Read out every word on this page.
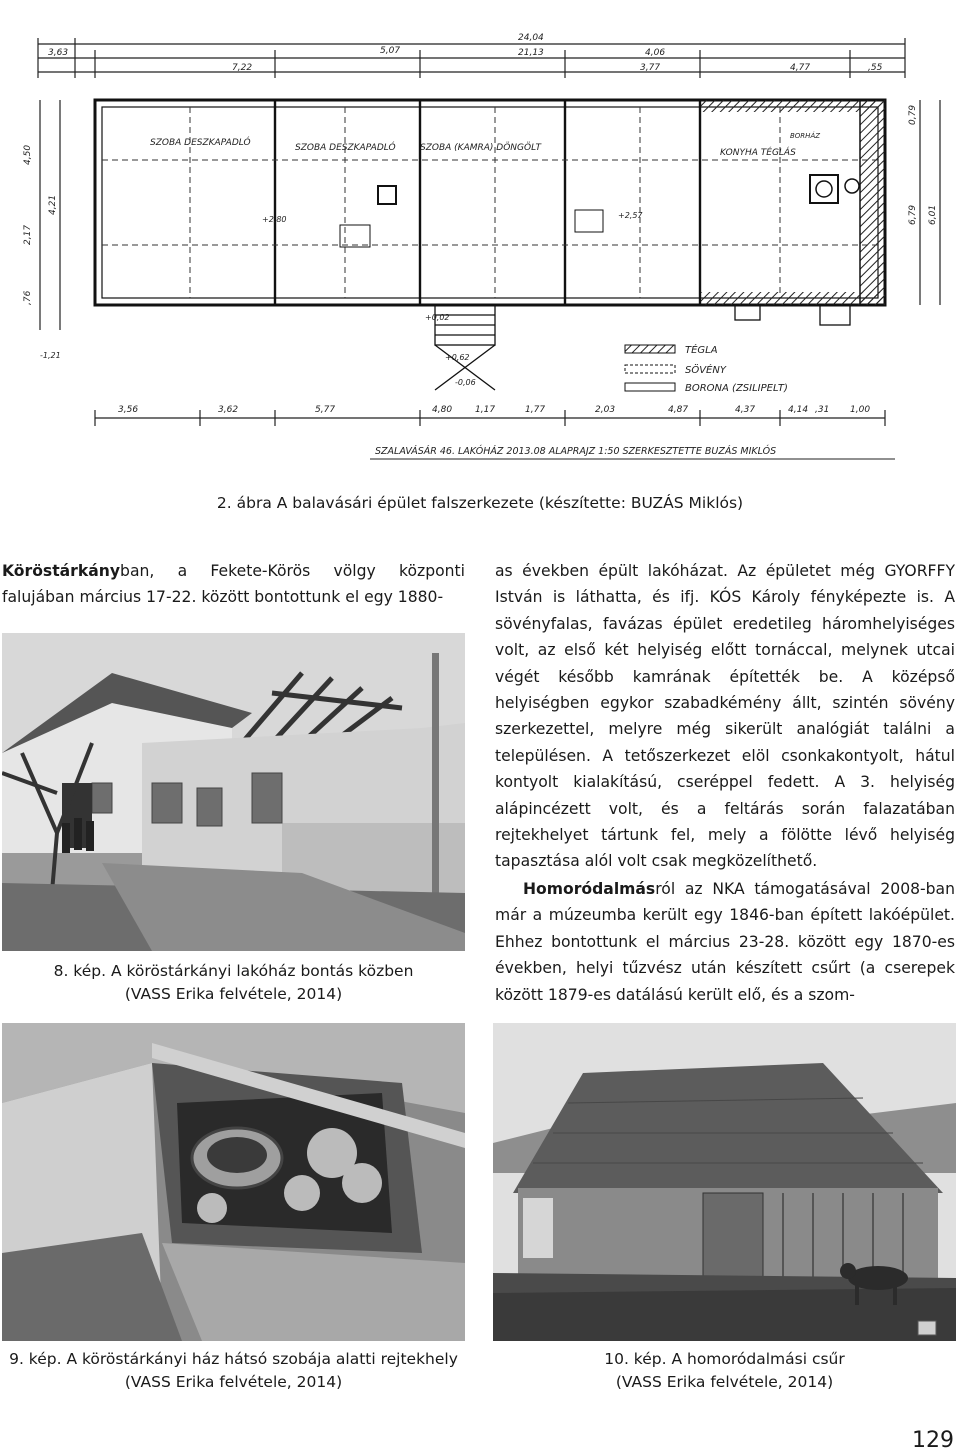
SZOBA DESZKAPADLÓ	SZOBA DESZKAPADLÓ	SZOBA (KAMRA) DÖNGÖLT	KONYHA TÉGLÁS
BORHÁZ
3,63	5,07
7,22
24,04
21,13	4,06
3,77	4,77	,55
3,56	3,62	5,77	4,80	1,17	1,77	2,03	4,87	4,37	4,14 ,31 1,00
4,50
2,17
4,21
,76
0,79
6,79 6,01
+2,80	+2,57
-1,21
+0,02
+0,62
-0,06
TÉGLA
SÖVÉNY
BORONA (ZSILIPELT)
SZALAVÁSÁR 46. LAKÓHÁZ 2013.08 ALAPRAJZ 1:50 SZERKESZTETTE BUZÁS MIKLÓS
2. ábra A balavásári épület falszerkezete (készítette: BUZÁS Miklós)
Köröstárkányban, a Fekete-Körös völgy központi falujában március 17-22. között bontottunk el egy 1880-
8. kép. A köröstárkányi lakóház bontás közben
(VASS Erika felvétele, 2014)
as években épült lakóházat. Az épületet még GYORFFY István is láthatta, és ifj. KÓS Károly fényképezte is. A sövényfalas, favázas épület eredetileg háromhelyiséges volt, az első két helyiség előtt tornáccal, melynek utcai végét később kamrának építették be. A középső helyiségben egykor szabadkémény állt, szintén sövény szerkezettel, melyre még sikerült analógiát találni a településen. A tetőszerkezet elöl csonkakontyolt, hátul kontyolt kialakítású, cseréppel fedett. A 3. helyiség alápincézett volt, és a feltárás során falazatában rejtekhelyet tártunk fel, mely a fölötte lévő helyiség tapasztása alól volt csak megközelíthető.
Homoródalmásról az NKA támogatásával 2008-ban már a múzeumba került egy 1846-ban épített lakóépület. Ehhez bontottunk el március 23-28. között egy 1870-es években, helyi tűzvész után készített csűrt (a cserepek között 1879-es datálású került elő, és a szom-
9. kép. A köröstárkányi ház hátsó szobája alatti rejtekhely
(VASS Erika felvétele, 2014)
10. kép. A homoródalmási csűr
(VASS Erika felvétele, 2014)
129
